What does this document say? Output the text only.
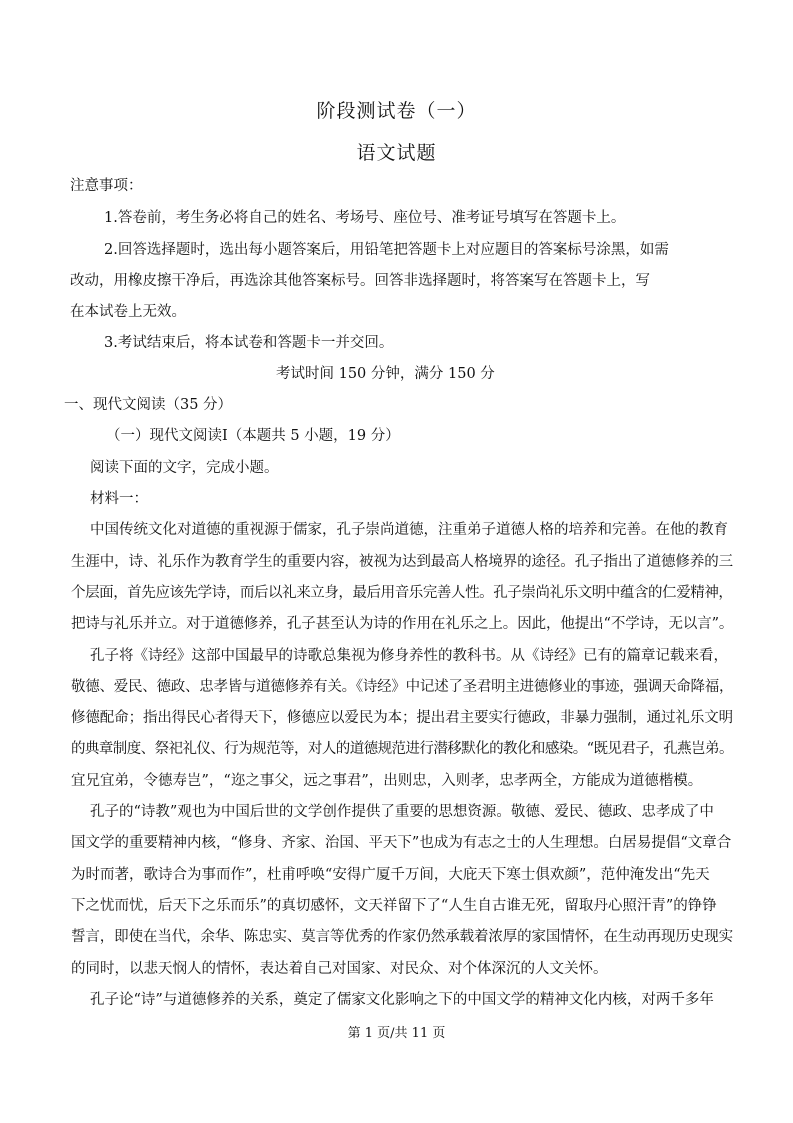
阶段测试卷（一）
语文试题
注意事项：
1.答卷前，考生务必将自己的姓名、考场号、座位号、准考证号填写在答题卡上。
2.回答选择题时，选出每小题答案后，用铅笔把答题卡上对应题目的答案标号涂黑，如需
改动，用橡皮擦干净后，再选涂其他答案标号。回答非选择题时，将答案写在答题卡上，写
在本试卷上无效。
3.考试结束后，将本试卷和答题卡一并交回。
考试时间 150 分钟，满分 150 分
一、现代文阅读（35 分）
（一）现代文阅读Ⅰ（本题共 5 小题，19 分）
阅读下面的文字，完成小题。
材料一：
中国传统文化对道德的重视源于儒家，孔子崇尚道德，注重弟子道德人格的培养和完善。在他的教育
生涯中，诗、礼乐作为教育学生的重要内容，被视为达到最高人格境界的途径。孔子指出了道德修养的三
个层面，首先应该先学诗，而后以礼来立身，最后用音乐完善人性。孔子崇尚礼乐文明中蕴含的仁爱精神，
把诗与礼乐并立。对于道德修养，孔子甚至认为诗的作用在礼乐之上。因此，他提出“不学诗，无以言”。
孔子将《诗经》这部中国最早的诗歌总集视为修身养性的教科书。从《诗经》已有的篇章记载来看，
敬德、爱民、德政、忠孝皆与道德修养有关。《诗经》中记述了圣君明主进德修业的事迹，强调天命降福，
修德配命；指出得民心者得天下，修德应以爱民为本；提出君主要实行德政，非暴力强制，通过礼乐文明
的典章制度、祭祀礼仪、行为规范等，对人的道德规范进行潜移默化的教化和感染。“既见君子，孔燕岂弟。
宜兄宜弟，令德寿岂”，“迩之事父，远之事君”，出则忠，入则孝，忠孝两全，方能成为道德楷模。
孔子的“诗教”观也为中国后世的文学创作提供了重要的思想资源。敬德、爱民、德政、忠孝成了中
国文学的重要精神内核，“修身、齐家、治国、平天下”也成为有志之士的人生理想。白居易提倡“文章合
为时而著，歌诗合为事而作”，杜甫呼唤“安得广厦千万间，大庇天下寒士俱欢颜”，范仲淹发出“先天
下之忧而忧，后天下之乐而乐”的真切感怀，文天祥留下了“人生自古谁无死，留取丹心照汗青”的铮铮
誓言，即使在当代，余华、陈忠实、莫言等优秀的作家仍然承载着浓厚的家国情怀，在生动再现历史现实
的同时，以悲天悯人的情怀，表达着自己对国家、对民众、对个体深沉的人文关怀。
孔子论“诗”与道德修养的关系，奠定了儒家文化影响之下的中国文学的精神文化内核，对两千多年
第 1 页/共 11 页
